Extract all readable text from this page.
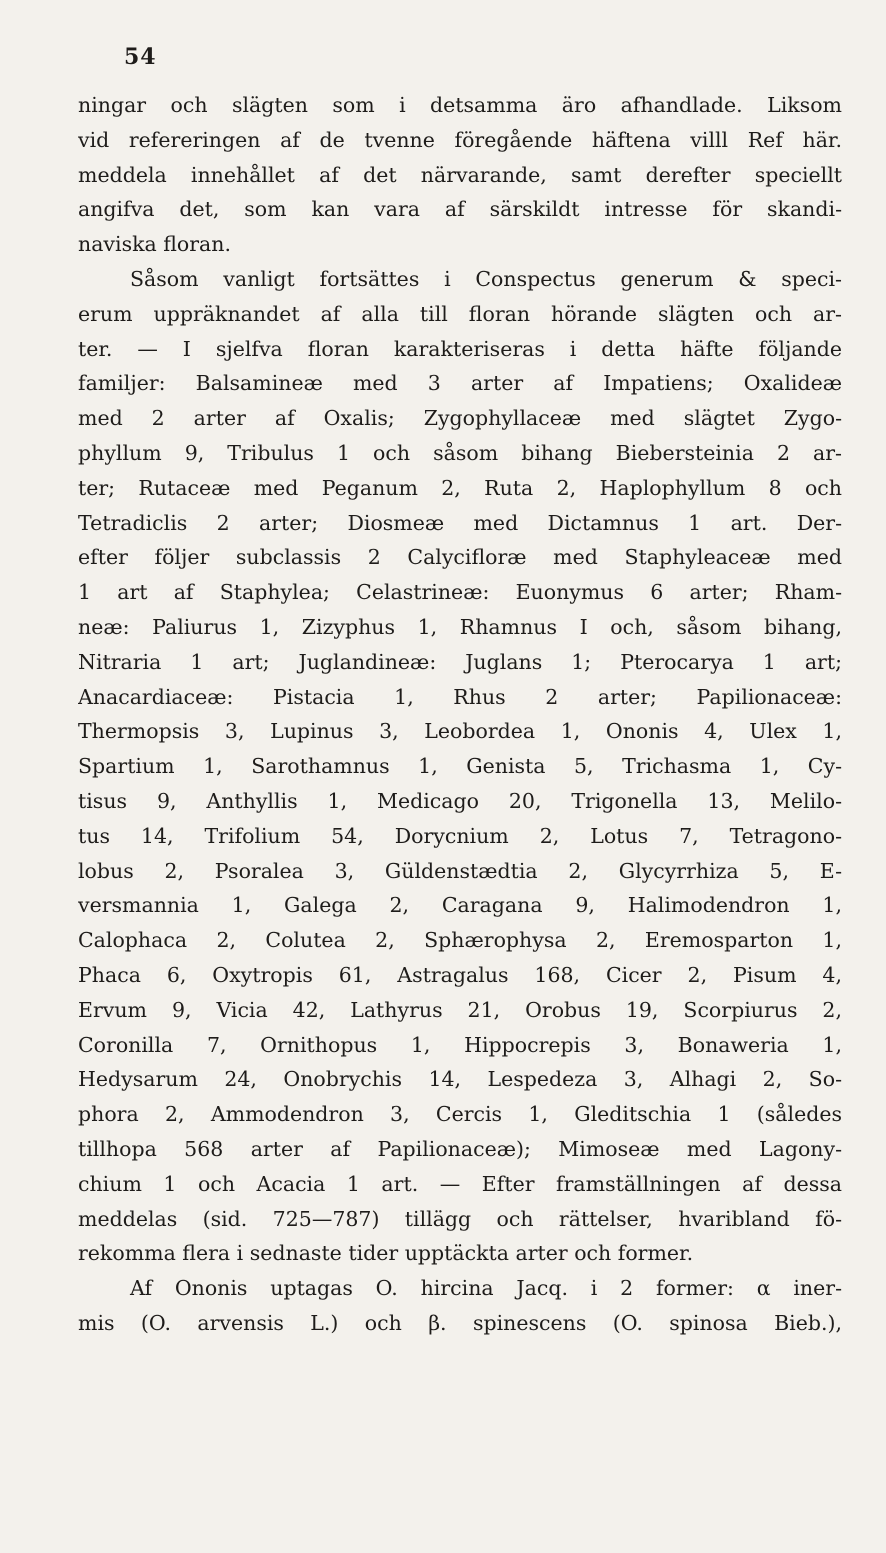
54
ningar och slägten som i detsamma äro afhandlade. Liksom
vid refereringen af de tvenne föregående häftena villl Ref här.
meddela innehållet af det närvarande, samt derefter speciellt
angifva det, som kan vara af särskildt intresse för skandi-
naviska floran.
Såsom vanligt fortsättes i Conspectus generum & speci-
erum uppräknandet af alla till floran hörande slägten och ar-
ter. — I sjelfva floran karakteriseras i detta häfte följande
familjer: Balsamineæ med 3 arter af Impatiens; Oxalideæ
med 2 arter af Oxalis; Zygophyllaceæ med slägtet Zygo-
phyllum 9, Tribulus 1 och såsom bihang Biebersteinia 2 ar-
ter; Rutaceæ med Peganum 2, Ruta 2, Haplophyllum 8 och
Tetradiclis 2 arter; Diosmeæ med Dictamnus 1 art. Der-
efter följer subclassis 2 Calycifloræ med Staphyleaceæ med
1 art af Staphylea; Celastrineæ: Euonymus 6 arter; Rham-
neæ: Paliurus 1, Zizyphus 1, Rhamnus I och, såsom bihang,
Nitraria 1 art; Juglandineæ: Juglans 1; Pterocarya 1 art;
Anacardiaceæ: Pistacia 1, Rhus 2 arter; Papilionaceæ:
Thermopsis 3, Lupinus 3, Leobordea 1, Ononis 4, Ulex 1,
Spartium 1, Sarothamnus 1, Genista 5, Trichasma 1, Cy-
tisus 9, Anthyllis 1, Medicago 20, Trigonella 13, Melilo-
tus 14, Trifolium 54, Dorycnium 2, Lotus 7, Tetragono-
lobus 2, Psoralea 3, Güldenstædtia 2, Glycyrrhiza 5, E-
versmannia 1, Galega 2, Caragana 9, Halimodendron 1,
Calophaca 2, Colutea 2, Sphærophysa 2, Eremosparton 1,
Phaca 6, Oxytropis 61, Astragalus 168, Cicer 2, Pisum 4,
Ervum 9, Vicia 42, Lathyrus 21, Orobus 19, Scorpiurus 2,
Coronilla 7, Ornithopus 1, Hippocrepis 3, Bonaweria 1,
Hedysarum 24, Onobrychis 14, Lespedeza 3, Alhagi 2, So-
phora 2, Ammodendron 3, Cercis 1, Gleditschia 1 (således
tillhopa 568 arter af Papilionaceæ); Mimoseæ med Lagony-
chium 1 och Acacia 1 art. — Efter framställningen af dessa
meddelas (sid. 725—787) tillägg och rättelser, hvaribland fö-
rekomma flera i sednaste tider upptäckta arter och former.
Af Ononis uptagas O. hircina Jacq. i 2 former: α iner-
mis (O. arvensis L.) och β. spinescens (O. spinosa Bieb.),
